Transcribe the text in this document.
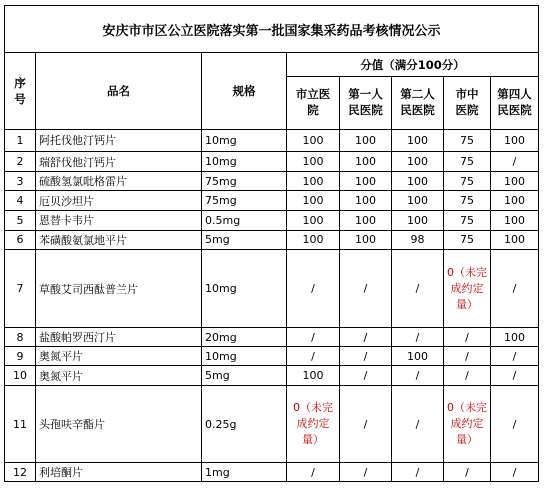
安庆市市区公立医院落实第一批国家集采药品考核情况公示							
序号	品名	规格	分值（满分100分）				
			市立医院	第一人民医院	第二人民医院	市中医院	第四人民医院
1	阿托伐他汀钙片	10mg	100	100	100	75	100
2	瑞舒伐他汀钙片	10mg	100	100	100	75	/
3	硫酸氢氯吡格雷片	75mg	100	100	100	75	100
4	厄贝沙坦片	75mg	100	100	100	75	100
5	恩替卡韦片	0.5mg	100	100	100	75	100
6	苯磺酸氨氯地平片	5mg	100	100	98	75	100
7	草酸艾司西酞普兰片	10mg	/	/	/	0（未完成约定量）	/
8	盐酸帕罗西汀片	20mg	/	/	/	/	100
9	奥氮平片	10mg	/	/	100	/	/
10	奥氮平片	5mg	100	/	/	/	/
11	头孢呋辛酯片	0.25g	0（未完成约定量）	/	/	0（未完成约定量）	/
12	利培酮片	1mg	/	/	/	/	/
